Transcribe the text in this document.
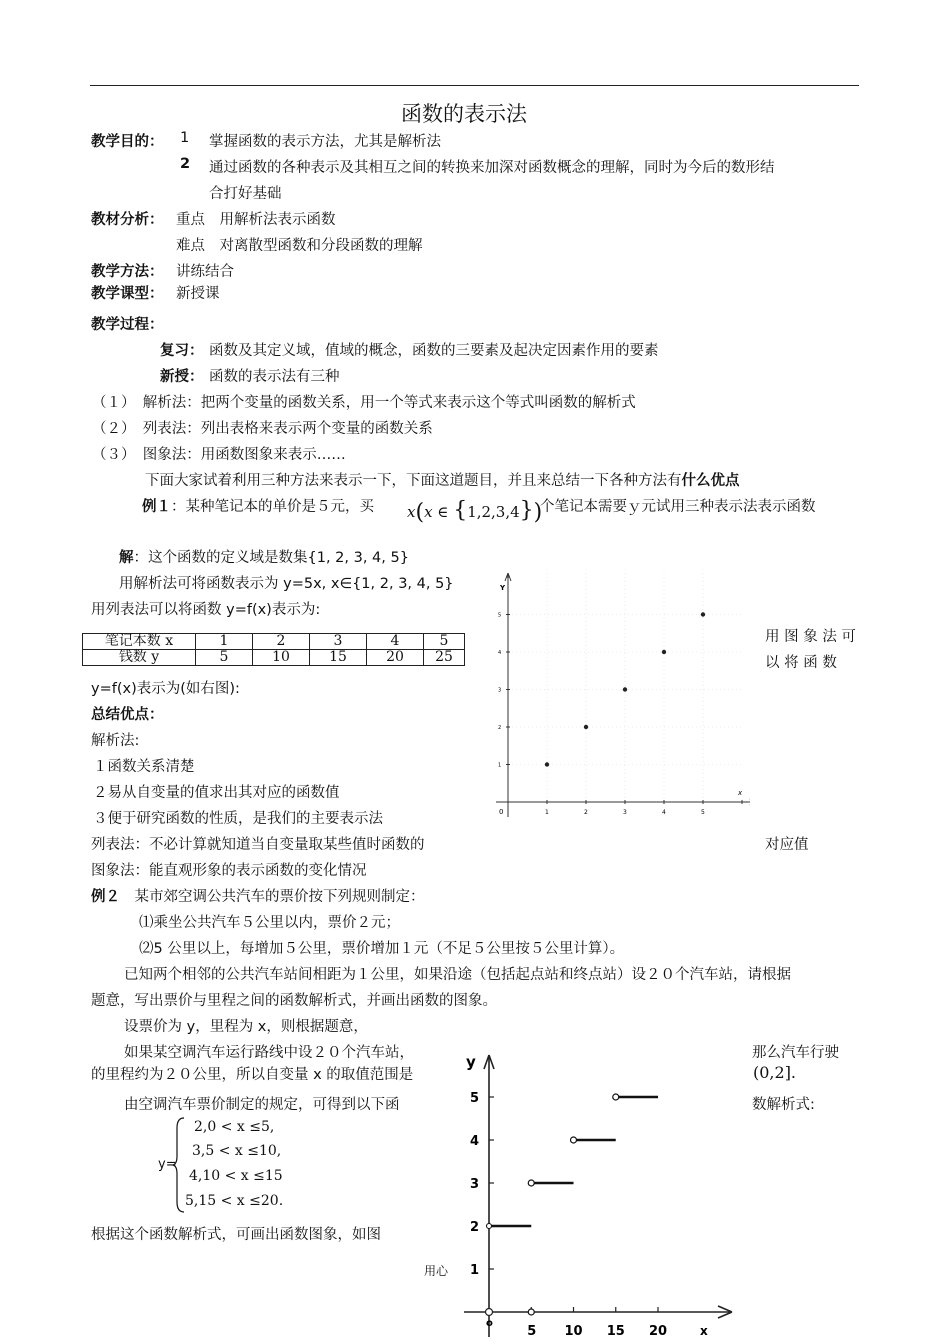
函数的表示法
教学目的： 1 掌握函数的表示方法，尤其是解析法
2 通过函数的各种表示及其相互之间的转换来加深对函数概念的理解，同时为今后的数形结
合打好基础
教材分析： 重点　用解析法表示函数
难点　对离散型函数和分段函数的理解
教学方法： 讲练结合
教学课型： 新授课
教学过程：
复习： 函数及其定义域，值域的概念，函数的三要素及起决定因素作用的要素
新授： 函数的表示法有三种
（１）　解析法：把两个变量的函数关系，用一个等式来表示这个等式叫函数的解析式
（２）　列表法：列出表格来表示两个变量的函数关系
（３）　图象法：用函数图象来表示……
下面大家试着利用三种方法来表示一下，下面这道题目，并且来总结一下各种方法有什么优点
例１：某种笔记本的单价是５元，买 x(x ∈ {1,2,3,4})
个笔记本需要ｙ元试用三种表示法表示函数
解：这个函数的定义域是数集{1, 2, 3, 4, 5}
用解析法可将函数表示为 y=5x, x∈{1, 2, 3, 4, 5}
用列表法可以将函数 y=f(x)表示为:
笔记本数 x	1	2	3	4	5
钱数 y	5	10	15	20	25
用 图 象 法 可
以 将 函 数
y=f(x)表示为(如右图):
0	1	2	3	4	5
x
1
2
3
4
5
Y
总结优点：
解析法:
１函数关系清楚
２易从自变量的值求出其对应的函数值
３便于研究函数的性质，是我们的主要表示法
列表法：不必计算就知道当自变量取某些值时函数的	对应值
图象法：能直观形象的表示函数的变化情况
例２　 某市郊空调公共汽车的票价按下列规则制定：
⑴乘坐公共汽车５公里以内，票价２元；
⑵5 公里以上，每增加５公里，票价增加１元（不足５公里按５公里计算）。
已知两个相邻的公共汽车站间相距为１公里，如果沿途（包括起点站和终点站）设２０个汽车站，请根据
题意，写出票价与里程之间的函数解析式，并画出函数的图象。
设票价为 y，里程为 x，则根据题意，
如果某空调汽车运行路线中设２０个汽车站，	那么汽车行驶
的里程约为２０公里，所以自变量 x 的取值范围是	(0,2].
由空调汽车票价制定的规定，可得到以下函	数解析式:
y=
2,0 < x ≤5,
3,5 < x ≤10,
4,10 < x ≤15
5,15 < x ≤20.
根据这个函数解析式，可画出函数图象，如图
1
2
3
4
5
y
5 10 15 20	x
o
用心
